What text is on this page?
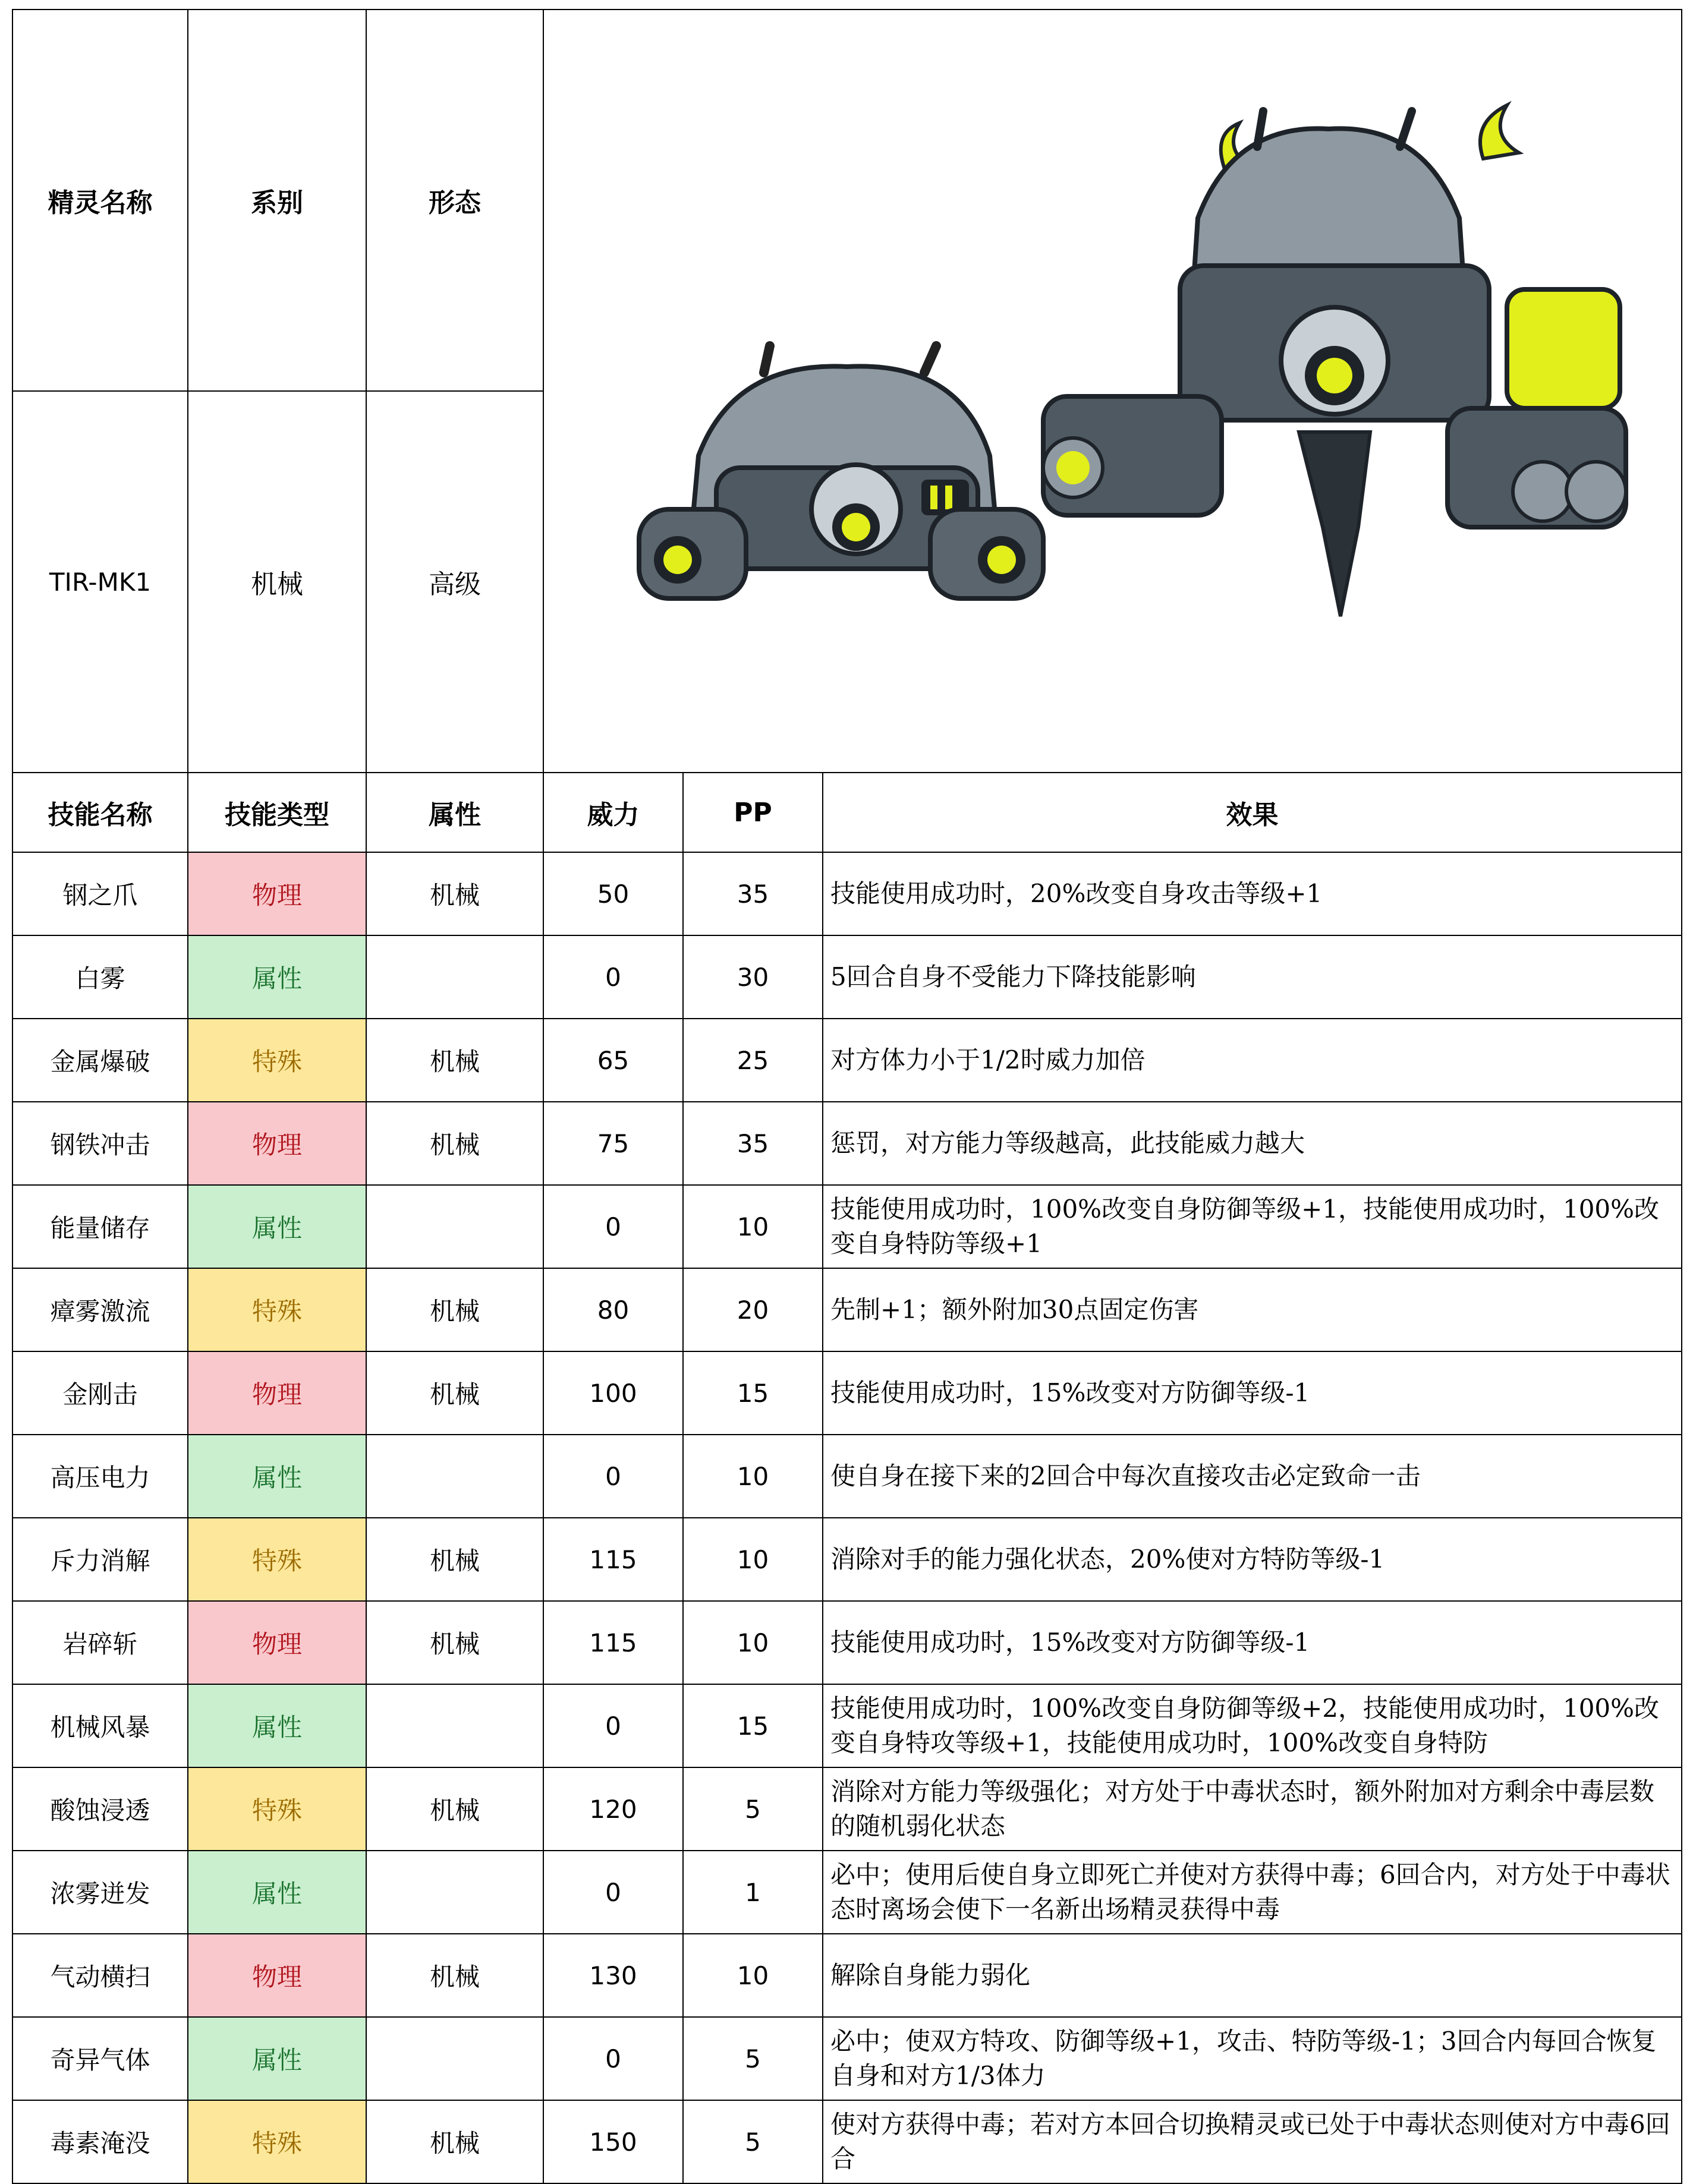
精灵名称	系别	形态	

TIR-MK1	机械	高级	
技能名称	技能类型	属性	威力	PP	效果
钢之爪	物理	机械	50	35	技能使用成功时，20%改变自身攻击等级+1
白雾	属性		0	30	5回合自身不受能力下降技能影响
金属爆破	特殊	机械	65	25	对方体力小于1/2时威力加倍
钢铁冲击	物理	机械	75	35	惩罚，对方能力等级越高，此技能威力越大
能量储存	属性		0	10	技能使用成功时，100%改变自身防御等级+1，技能使用成功时，100%改变自身特防等级+1
瘴雾激流	特殊	机械	80	20	先制+1；额外附加30点固定伤害
金刚击	物理	机械	100	15	技能使用成功时，15%改变对方防御等级-1
高压电力	属性		0	10	使自身在接下来的2回合中每次直接攻击必定致命一击
斥力消解	特殊	机械	115	10	消除对手的能力强化状态，20%使对方特防等级-1
岩碎斩	物理	机械	115	10	技能使用成功时，15%改变对方防御等级-1
机械风暴	属性		0	15	技能使用成功时，100%改变自身防御等级+2，技能使用成功时，100%改变自身特攻等级+1，技能使用成功时，100%改变自身特防
酸蚀浸透	特殊	机械	120	5	消除对方能力等级强化；对方处于中毒状态时，额外附加对方剩余中毒层数的随机弱化状态
浓雾迸发	属性		0	1	必中；使用后使自身立即死亡并使对方获得中毒；6回合内，对方处于中毒状态时离场会使下一名新出场精灵获得中毒
气动横扫	物理	机械	130	10	解除自身能力弱化
奇异气体	属性		0	5	必中；使双方特攻、防御等级+1，攻击、特防等级-1；3回合内每回合恢复自身和对方1/3体力
毒素淹没	特殊	机械	150	5	使对方获得中毒；若对方本回合切换精灵或已处于中毒状态则使对方中毒6回合
